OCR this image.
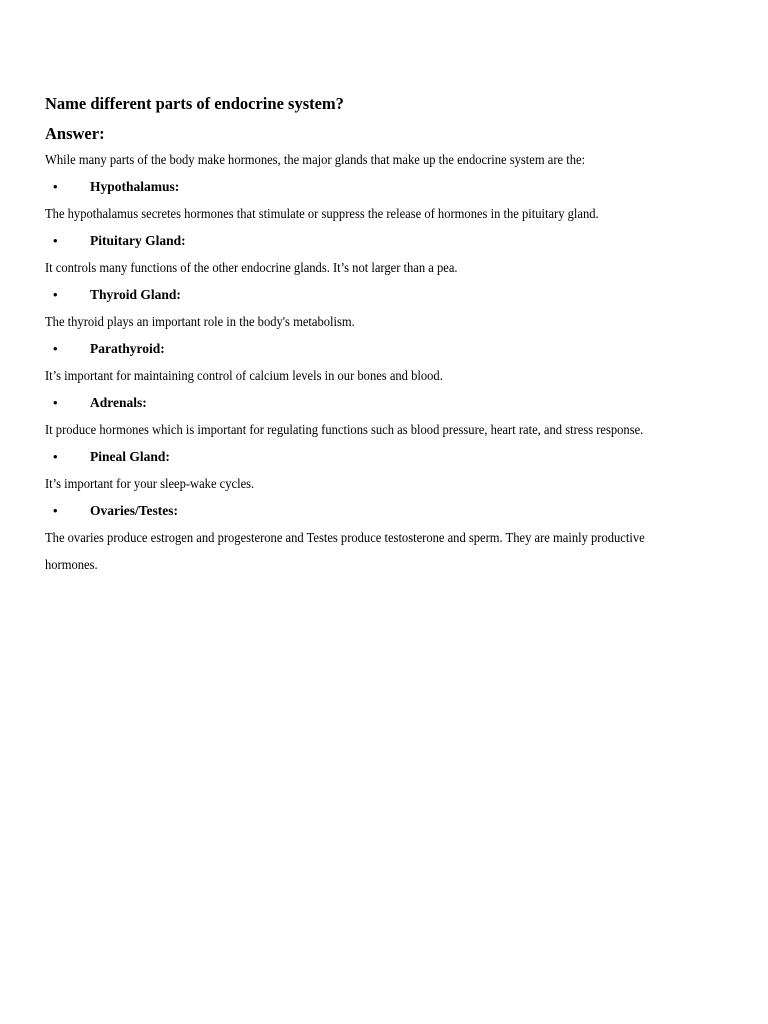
Name different parts of endocrine system?

Answer:

While many parts of the body make hormones, the major glands that make up the endocrine system are the:

• Hypothalamus:

The hypothalamus secretes hormones that stimulate or suppress the release of hormones in the pituitary gland.

• Pituitary Gland:

It controls many functions of the other endocrine glands. It’s not larger than a pea.

• Thyroid Gland:

The thyroid plays an important role in the body's metabolism.

• Parathyroid:

It’s important for maintaining control of calcium levels in our bones and blood.

• Adrenals:

It produce hormones which is important for regulating functions such as blood pressure, heart rate, and stress response.

• Pineal Gland:

It’s important for your sleep-wake cycles.

• Ovaries/Testes:

The ovaries produce estrogen and progesterone and Testes produce testosterone and sperm. They are mainly productive hormones.
